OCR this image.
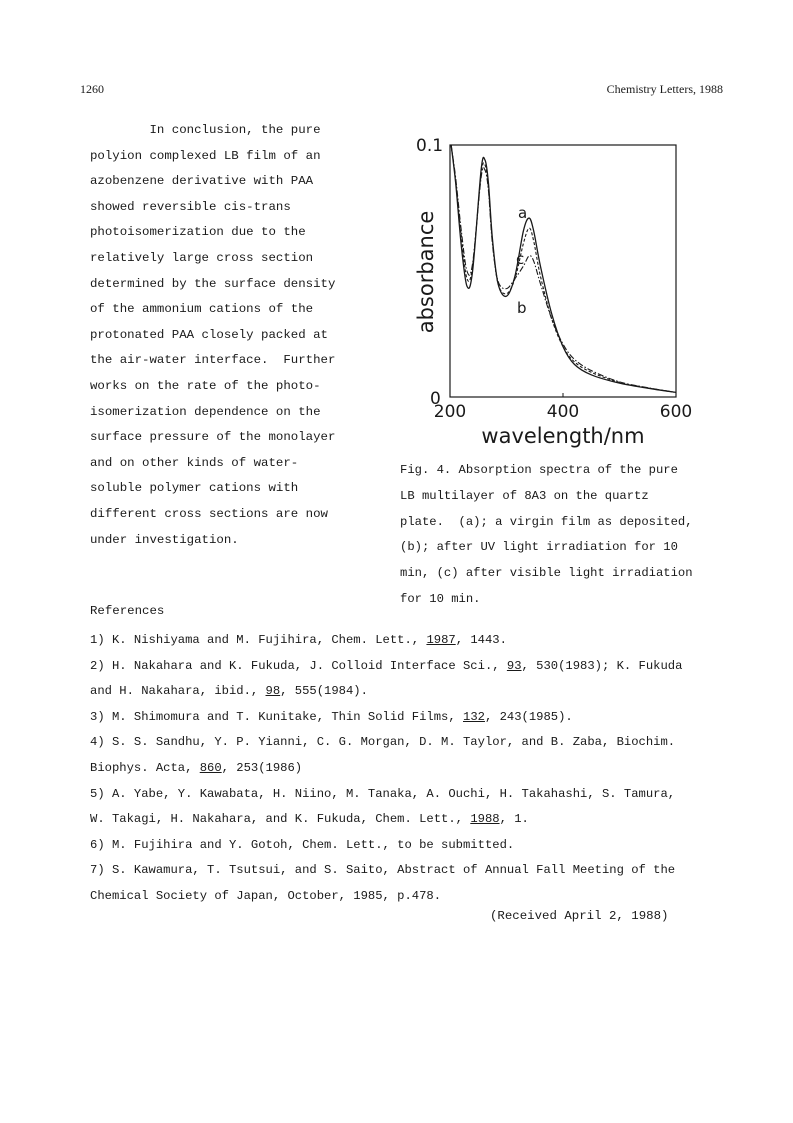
1260	Chemistry Letters, 1988
In conclusion, the pure
polyion complexed LB film of an
azobenzene derivative with PAA
showed reversible cis-trans
photoisomerization due to the
relatively large cross section
determined by the surface density
of the ammonium cations of the
protonated PAA closely packed at
the air-water interface.  Further
works on the rate of the photo-
isomerization dependence on the
surface pressure of the monolayer
and on other kinds of water-
soluble polymer cations with
different cross sections are now
under investigation.
0.1
0
absorbance
200	400	600
wavelength/nm
a
c
b
Fig. 4. Absorption spectra of the pure
LB multilayer of 8A3 on the quartz
plate.  (a); a virgin film as deposited,
(b); after UV light irradiation for 10
min, (c) after visible light irradiation
for 10 min.
References
1) K. Nishiyama and M. Fujihira, Chem. Lett., 1987, 1443.
2) H. Nakahara and K. Fukuda, J. Colloid Interface Sci., 93, 530(1983); K. Fukuda
and H. Nakahara, ibid., 98, 555(1984).
3) M. Shimomura and T. Kunitake, Thin Solid Films, 132, 243(1985).
4) S. S. Sandhu, Y. P. Yianni, C. G. Morgan, D. M. Taylor, and B. Zaba, Biochim.
Biophys. Acta, 860, 253(1986)
5) A. Yabe, Y. Kawabata, H. Niino, M. Tanaka, A. Ouchi, H. Takahashi, S. Tamura,
W. Takagi, H. Nakahara, and K. Fukuda, Chem. Lett., 1988, 1.
6) M. Fujihira and Y. Gotoh, Chem. Lett., to be submitted.
7) S. Kawamura, T. Tsutsui, and S. Saito, Abstract of Annual Fall Meeting of the
Chemical Society of Japan, October, 1985, p.478.
(Received April 2, 1988)
